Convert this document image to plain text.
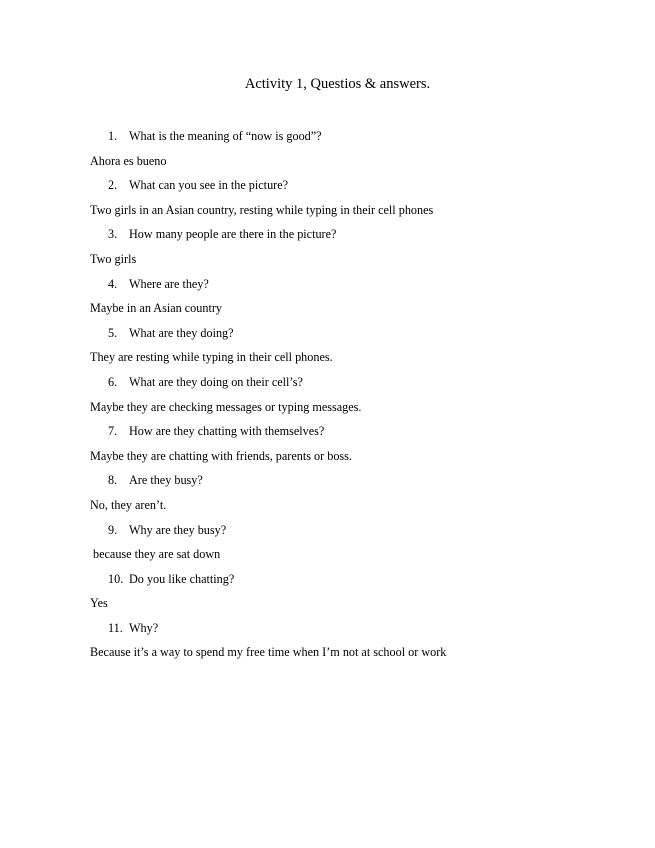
Activity 1, Questios & answers.
1. What is the meaning of “now is good”?
Ahora es bueno
2. What can you see in the picture?
Two girls in an Asian country, resting while typing in their cell phones
3. How many people are there in the picture?
Two girls
4. Where are they?
Maybe in an Asian country
5. What are they doing?
They are resting while typing in their cell phones.
6. What are they doing on their cell’s?
Maybe they are checking messages or typing messages.
7. How are they chatting with themselves?
Maybe they are chatting with friends, parents or boss.
8. Are they busy?
No, they aren’t.
9. Why are they busy?
because they are sat down
10. Do you like chatting?
Yes
11. Why?
Because it’s a way to spend my free time when I’m not at school or work
